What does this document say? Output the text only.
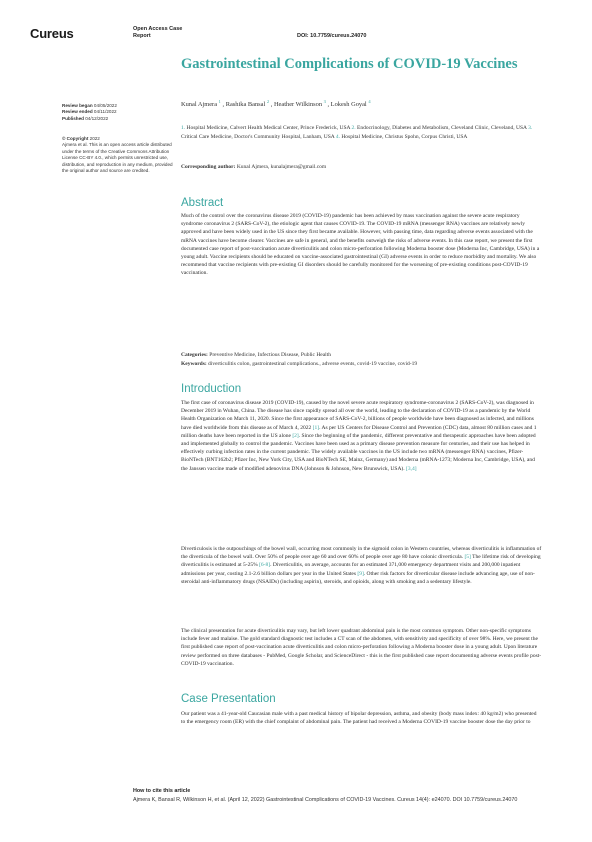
Cureus	Open Access Case
Report	DOI: 10.7759/cureus.24070
Gastrointestinal Complications of COVID-19 Vaccines
Kunal Ajmera $^1$ , Rashika Bansal $^2$ , Heather Wilkinson $^3$ , Lokesh Goyal $^4$
1. Hospital Medicine, Calvert Health Medical Center, Prince Frederick, USA 2. Endocrinology, Diabetes and Metabolism, Cleveland Clinic, Cleveland, USA 3. Critical Care Medicine, Doctor's Community Hospital, Lanham, USA 4. Hospital Medicine, Christus Spohn, Corpus Christi, USA
Corresponding author: Kunal Ajmera, kunalajmera@gmail.com
Review began 04/05/2022
Review ended 04/11/2022
Published 04/12/2022
© Copyright 2022
Ajmera et al. This is an open access article distributed under the terms of the Creative Commons Attribution License CC-BY 4.0., which permits unrestricted use, distribution, and reproduction in any medium, provided the original author and source are credited.
Abstract
Much of the control over the coronavirus disease 2019 (COVID-19) pandemic has been achieved by mass vaccination against the severe acute respiratory syndrome coronavirus 2 (SARS-CoV-2), the etiologic agent that causes COVID-19. The COVID-19 mRNA (messenger RNA) vaccines are relatively newly approved and have been widely used in the US since they first became available. However, with passing time, data regarding adverse events associated with the mRNA vaccines have become clearer. Vaccines are safe in general, and the benefits outweigh the risks of adverse events. In this case report, we present the first documented case report of post-vaccination acute diverticulitis and colon micro-perforation following Moderna booster dose (Moderna Inc, Cambridge, USA) in a young adult. Vaccine recipients should be educated on vaccine-associated gastrointestinal (GI) adverse events in order to reduce morbidity and mortality. We also recommend that vaccine recipients with pre-existing GI disorders should be carefully monitored for the worsening of pre-existing conditions post-COVID-19 vaccination.
Categories: Preventive Medicine, Infectious Disease, Public Health
Keywords: diverticulitis colon, gastrointestinal complications., adverse events, covid-19 vaccine, covid-19
Introduction
The first case of coronavirus disease 2019 (COVID-19), caused by the novel severe acute respiratory syndrome-coronavirus 2 (SARS-CoV-2), was diagnosed in December 2019 in Wuhan, China. The disease has since rapidly spread all over the world, leading to the declaration of COVID-19 as a pandemic by the World Health Organization on March 11, 2020. Since the first appearance of SARS-CoV-2, billions of people worldwide have been diagnosed as infected, and millions have died worldwide from this disease as of March 4, 2022 [1]. As per US Centers for Disease Control and Prevention (CDC) data, almost 80 million cases and 1 million deaths have been reported in the US alone [2]. Since the beginning of the pandemic, different preventative and therapeutic approaches have been adopted and implemented globally to control the pandemic. Vaccines have been used as a primary disease prevention measure for centuries, and their use has helped in effectively curbing infection rates in the current pandemic. The widely available vaccines in the US include two mRNA (messenger RNA) vaccines, Pfizer-BioNTech (BNT162b2; Pfizer Inc, New York City, USA and BioNTech SE, Mainz, Germany) and Moderna (mRNA-1273; Moderna Inc, Cambridge, USA), and the Janssen vaccine made of modified adenovirus DNA (Johnson & Johnson, New Brunswick, USA). [3,4]
Diverticulosis is the outpouchings of the bowel wall, occurring most commonly in the sigmoid colon in Western countries, whereas diverticulitis is inflammation of the diverticula of the bowel wall. Over 50% of people over age 60 and over 60% of people over age 80 have colonic diverticula. [5] The lifetime risk of developing diverticulitis is estimated at 5-25% [6-8]. Diverticulitis, on average, accounts for an estimated 371,000 emergency department visits and 200,000 inpatient admissions per year, costing 2.1-2.6 billion dollars per year in the United States [9]. Other risk factors for diverticular disease include advancing age, use of non-steroidal anti-inflammatory drugs (NSAIDs) (including aspirin), steroids, and opioids, along with smoking and a sedentary lifestyle.
The clinical presentation for acute diverticulitis may vary, but left lower quadrant abdominal pain is the most common symptom. Other non-specific symptoms include fever and malaise. The gold standard diagnostic test includes a CT scan of the abdomen, with sensitivity and specificity of over 98%. Here, we present the first published case report of post-vaccination acute diverticulitis and colon micro-perforation following a Moderna booster dose in a young adult. Upon literature review performed on three databases - PubMed, Google Scholar, and ScienceDirect - this is the first published case report documenting adverse events profile post-COVID-19 vaccination.
Case Presentation
Our patient was a 41-year-old Caucasian male with a past medical history of bipolar depression, asthma, and obesity (body mass index: 40 kg/m2) who presented to the emergency room (ER) with the chief complaint of abdominal pain. The patient had received a Moderna COVID-19 vaccine booster dose the day prior to
How to cite this article
Ajmera K, Bansal R, Wilkinson H, et al. (April 12, 2022) Gastrointestinal Complications of COVID-19 Vaccines. Cureus 14(4): e24070. DOI 10.7759/cureus.24070
